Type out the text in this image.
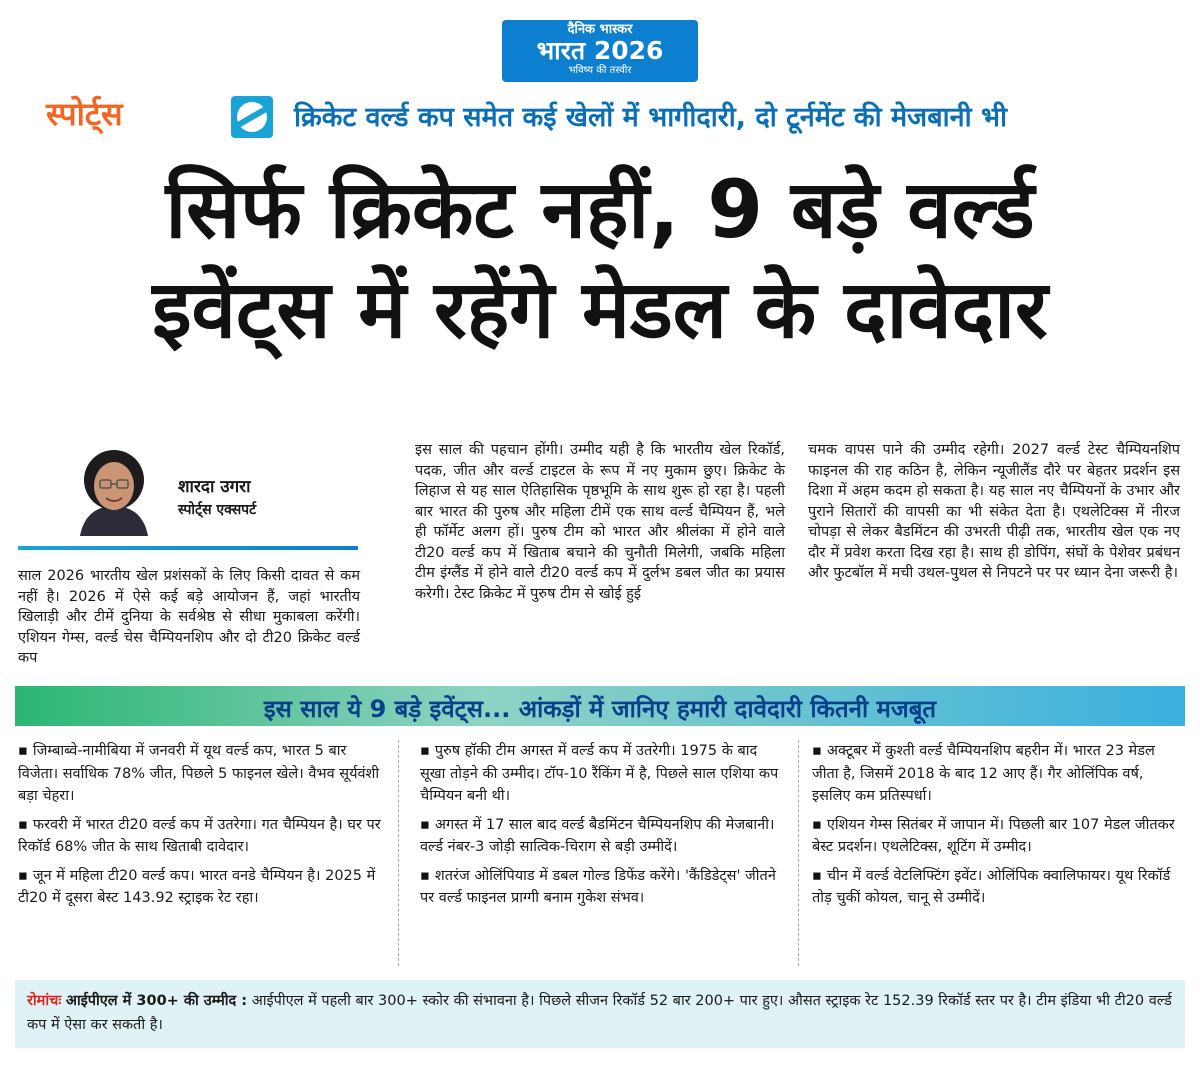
दैनिक भास्कर
भारत 2026
भविष्य की तस्वीर
स्पोर्ट्स	क्रिकेट वर्ल्ड कप समेत कई खेलों में भागीदारी, दो टूर्नमेंट की मेजबानी भी
सिर्फ क्रिकेट नहीं, 9 बड़े वर्ल्ड
इवेंट्स में रहेंगे मेडल के दावेदार
शारदा उगरा
स्पोर्ट्स एक्सपर्ट
साल 2026 भारतीय खेल प्रशंसकों के लिए किसी दावत से कम नहीं है। 2026 में ऐसे कई बड़े आयोजन हैं, जहां भारतीय खिलाड़ी और टीमें दुनिया के सर्वश्रेष्ठ से सीधा मुकाबला करेंगी। एशियन गेम्स, वर्ल्ड चेस चैम्पियनशिप और दो टी20 क्रिकेट वर्ल्ड कप
इस साल की पहचान होंगी। उम्मीद यही है कि भारतीय खेल रिकॉर्ड, पदक, जीत और वर्ल्ड टाइटल के रूप में नए मुकाम छुए। क्रिकेट के लिहाज से यह साल ऐतिहासिक पृष्ठभूमि के साथ शुरू हो रहा है। पहली बार भारत की पुरुष और महिला टीमें एक साथ वर्ल्ड चैम्पियन हैं, भले ही फॉर्मेट अलग हों। पुरुष टीम को भारत और श्रीलंका में होने वाले टी20 वर्ल्ड कप में खिताब बचाने की चुनौती मिलेगी, जबकि महिला टीम इंग्लैंड में होने वाले टी20 वर्ल्ड कप में दुर्लभ डबल जीत का प्रयास करेगी। टेस्ट क्रिकेट में पुरुष टीम से खोई हुई
चमक वापस पाने की उम्मीद रहेगी। 2027 वर्ल्ड टेस्ट चैम्पियनशिप फाइनल की राह कठिन है, लेकिन न्यूजीलैंड दौरे पर बेहतर प्रदर्शन इस दिशा में अहम कदम हो सकता है। यह साल नए चैम्पियनों के उभार और पुराने सितारों की वापसी का भी संकेत देता है। एथलेटिक्स में नीरज चोपड़ा से लेकर बैडमिंटन की उभरती पीढ़ी तक, भारतीय खेल एक नए दौर में प्रवेश करता दिख रहा है। साथ ही डोपिंग, संघों के पेशेवर प्रबंधन और फुटबॉल में मची उथल-पुथल से निपटने पर पर ध्यान देना जरूरी है।
इस साल ये 9 बड़े इवेंट्स... आंकड़ों में जानिए हमारी दावेदारी कितनी मजबूत
▪ जिम्बाब्वे-नामीबिया में जनवरी में यूथ वर्ल्ड कप, भारत 5 बार विजेता। सर्वाधिक 78% जीत, पिछले 5 फाइनल खेले। वैभव सूर्यवंशी बड़ा चेहरा।
▪ फरवरी में भारत टी20 वर्ल्ड कप में उतरेगा। गत चैम्पियन है। घर पर रिकॉर्ड 68% जीत के साथ खिताबी दावेदार।
▪ जून में महिला टी20 वर्ल्ड कप। भारत वनडे चैम्पियन है। 2025 में टी20 में दूसरा बेस्ट 143.92 स्ट्राइक रेट रहा।
▪ पुरुष हॉकी टीम अगस्त में वर्ल्ड कप में उतरेगी। 1975 के बाद सूखा तोड़ने की उम्मीद। टॉप-10 रैंकिंग में है, पिछले साल एशिया कप चैम्पियन बनी थी।
▪ अगस्त में 17 साल बाद वर्ल्ड बैडमिंटन चैम्पियनशिप की मेजबानी। वर्ल्ड नंबर-3 जोड़ी सात्विक-चिराग से बड़ी उम्मीदें।
▪ शतरंज ओलिंपियाड में डबल गोल्ड डिफेंड करेंगे। 'कैंडिडेट्स' जीतने पर वर्ल्ड फाइनल प्राग्गी बनाम गुकेश संभव।
▪ अक्टूबर में कुश्ती वर्ल्ड चैम्पियनशिप बहरीन में। भारत 23 मेडल जीता है, जिसमें 2018 के बाद 12 आए हैं। गैर ओलिंपिक वर्ष, इसलिए कम प्रतिस्पर्धा।
▪ एशियन गेम्स सितंबर में जापान में। पिछली बार 107 मेडल जीतकर बेस्ट प्रदर्शन। एथलेटिक्स, शूटिंग में उम्मीद।
▪ चीन में वर्ल्ड वेटलिफ्टिंग इवेंट। ओलिंपिक क्वालिफायर। यूथ रिकॉर्ड तोड़ चुकीं कोयल, चानू से उम्मीदें।
रोमांचः आईपीएल में 300+ की उम्मीद : आईपीएल में पहली बार 300+ स्कोर की संभावना है। पिछले सीजन रिकॉर्ड 52 बार 200+ पार हुए। औसत स्ट्राइक रेट 152.39 रिकॉर्ड स्तर पर है। टीम इंडिया भी टी20 वर्ल्ड कप में ऐसा कर सकती है।
